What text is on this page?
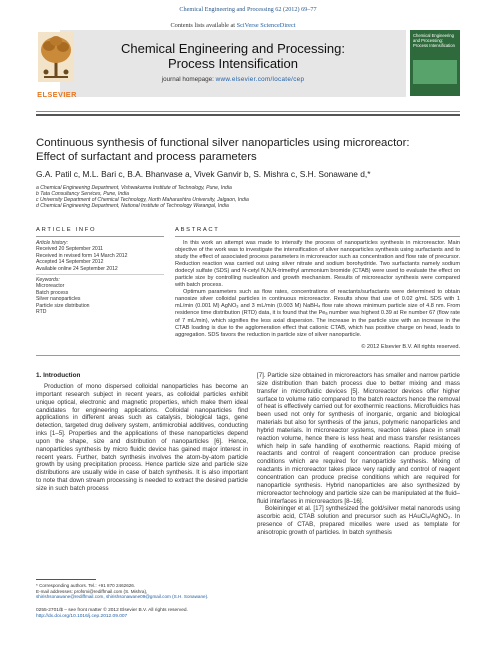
Chemical Engineering and Processing 62 (2012) 69–77
Contents lists available at SciVerse ScienceDirect
ELSEVIER
Chemical Engineering and Processing:
Process Intensification
journal homepage: www.elsevier.com/locate/cep
Chemical Engineering and Processing: Process Intensification
Continuous synthesis of functional silver nanoparticles using microreactor:
Effect of surfactant and process parameters
G.A. Patil c, M.L. Bari c, B.A. Bhanvase a, Vivek Ganvir b, S. Mishra c, S.H. Sonawane d,*
a Chemical Engineering Department, Vishwakarma Institute of Technology, Pune, India
b Tata Consultancy Services, Pune, India
c University Department of Chemical Technology, North Maharashtra University, Jalgaon, India
d Chemical Engineering Department, National Institute of Technology Warangal, India
ARTICLE INFO
Article history:
Received 20 September 2011
Received in revised form 14 March 2012
Accepted 14 September 2012
Available online 24 September 2012
Keywords:
Microreactor
Batch process
Silver nanoparticles
Particle size distribution
RTD
ABSTRACT

In this work an attempt was made to intensify the process of nanoparticles synthesis in microreactor. Main objective of the work was to investigate the intensification of silver nanoparticles synthesis using surfactants and to study the effect of associated process parameters in microreactor such as concentration and flow rate of precursor. Reduction reaction was carried out using silver nitrate and sodium borohydride. Two surfactants namely sodium dodecyl sulfate (SDS) and N-cetyl N,N,N-trimethyl ammonium bromide (CTAB) were used to evaluate the effect on particle size by controlling nucleation and growth mechanism. Results of microreactor synthesis were compared with batch process.

Optimum parameters such as flow rates, concentrations of reactants/surfactants were determined to obtain nanosize silver colloidal particles in continuous microreactor. Results show that use of 0.02 g/mL SDS with 1 mL/min (0.001 M) AgNO₃ and 3 mL/min (0.003 M) NaBH₄ flow rate shows minimum particle size of 4.8 nm. From residence time distribution (RTD) data, it is found that the Peₐ number was highest 0.39 at Re number 67 (flow rate of 7 mL/min), which signifies the less axial dispersion. The increase in the particle size with an increase in the CTAB loading is due to the agglomeration effect that cationic CTAB, which has positive charge on head, leads to aggregation. SDS favors the reduction in particle size of silver nanoparticle.

© 2012 Elsevier B.V. All rights reserved.
1. Introduction

Production of mono dispersed colloidal nanoparticles has become an important research subject in recent years, as colloidal particles exhibit unique optical, electronic and magnetic properties, which make them ideal candidates for engineering applications. Colloidal nanoparticles find applications in different areas such as catalysis, biological tags, gene detection, targeted drug delivery system, antimicrobial additives, conducting inks [1–5]. Properties and the applications of these nanoparticles depend upon the shape, size and distribution of nanoparticles [6]. Hence, nanoparticles synthesis by micro fluidic device has gained major interest in recent years. Further, batch synthesis involves the atom-by-atom particle growth by using precipitation process. Hence particle size and particle size distributions are usually wide in case of batch synthesis. It is also important to note that down stream processing is needed to extract the desired particle size in such batch process

[7]. Particle size obtained in microreactors has smaller and narrow particle size distribution than batch process due to better mixing and mass transfer in microfluidic devices [5]. Microreactor devices offer higher surface to volume ratio compared to the batch reactors hence the removal of heat is effectively carried out for exothermic reactions. Microfluidics has been used not only for synthesis of inorganic, organic and biological materials but also for synthesis of the janus, polymeric nanoparticles and hybrid materials. In microreactor systems, reaction takes place in small reaction volume, hence there is less heat and mass transfer resistances which help in safe handling of exothermic reactions. Rapid mixing of reactants and control of reagent concentration can produce precise conditions which are required for nanoparticle synthesis. Mixing of reactants in microreactor takes place very rapidly and control of reagent concentration can produce precise conditions which are required for nanoparticle synthesis. Hybrid nanoparticles are also synthesized by microreactor technology and particle size can be manipulated at the fluid–fluid interfaces in microreactors [8–16].

Boleininger et al. [17] synthesized the gold/silver metal nanorods using ascorbic acid, CTAB solution and precursor such as HAuCl₄/AgNO₃. In presence of CTAB, prepared micelles were used as template for anisotropic growth of particles. In batch synthesis

* Corresponding authors. Tel.: +91 870 2462626.
E-mail addresses: profsmi@rediffmail.com (S. Mishra),
shirishsonawane@rediffmail.com, shirishsonawane09@gmail.com (S.H. Sonawane).
0255-2701/$ – see front matter © 2012 Elsevier B.V. All rights reserved.
http://dx.doi.org/10.1016/j.cep.2012.09.007
